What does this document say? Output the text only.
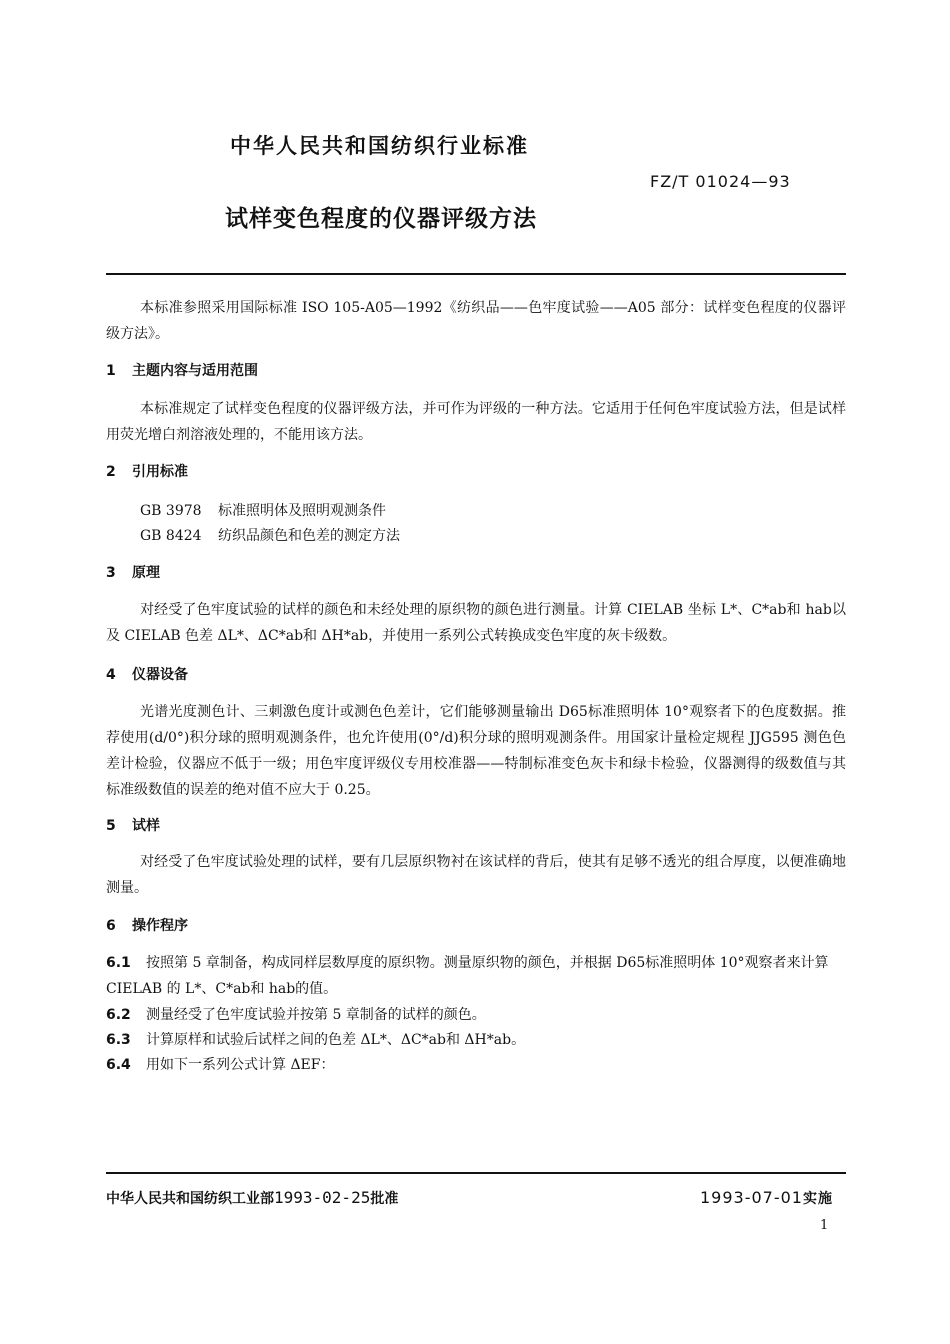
中华人民共和国纺织行业标准
FZ/T 01024—93
试样变色程度的仪器评级方法

本标准参照采用国际标准 ISO 105-A05—1992《纺织品——色牢度试验——A05 部分：试样变色程度的仪器评级方法》。

1 主题内容与适用范围

本标准规定了试样变色程度的仪器评级方法，并可作为评级的一种方法。它适用于任何色牢度试验方法，但是试样用荧光增白剂溶液处理的，不能用该方法。

2 引用标准
GB 3978 标准照明体及照明观测条件
GB 8424 纺织品颜色和色差的测定方法
3 原理

对经受了色牢度试验的试样的颜色和未经处理的原织物的颜色进行测量。计算 CIELAB 坐标 L*、C*ab和 hab以及 CIELAB 色差 ΔL*、ΔC*ab和 ΔH*ab，并使用一系列公式转换成变色牢度的灰卡级数。

4 仪器设备

光谱光度测色计、三刺激色度计或测色色差计，它们能够测量输出 D65标准照明体 10°观察者下的色度数据。推荐使用(d/0°)积分球的照明观测条件，也允许使用(0°/d)积分球的照明观测条件。用国家计量检定规程 JJG595 测色色差计检验，仪器应不低于一级；用色牢度评级仪专用校准器——特制标准变色灰卡和绿卡检验，仪器测得的级数值与其标准级数值的误差的绝对值不应大于 0.25。

5 试样

对经受了色牢度试验处理的试样，要有几层原织物衬在该试样的背后，使其有足够不透光的组合厚度，以便准确地测量。

6 操作程序
6.1 按照第 5 章制备，构成同样层数厚度的原织物。测量原织物的颜色，并根据 D65标准照明体 10°观察者来计算 CIELAB 的 L*、C*ab和 hab的值。
6.2 测量经受了色牢度试验并按第 5 章制备的试样的颜色。
6.3 计算原样和试验后试样之间的色差 ΔL*、ΔC*ab和 ΔH*ab。
6.4 用如下一系列公式计算 ΔEF：
中华人民共和国纺织工业部1993-02-25批准	1993-07-01实施
1
